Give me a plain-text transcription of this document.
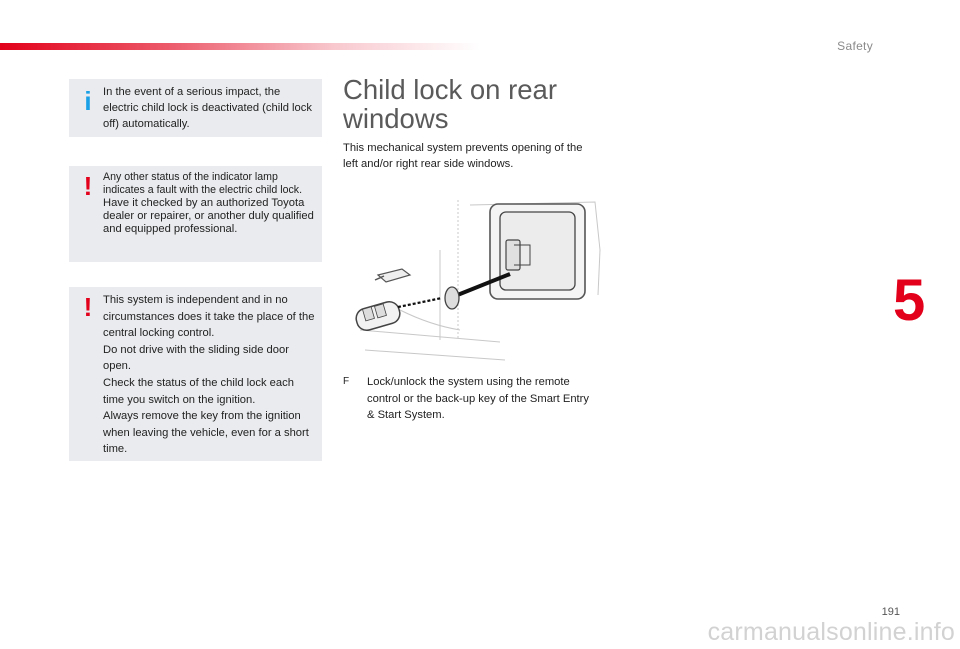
Safety
5
i	In the event of a serious impact, the electric child lock is deactivated (child lock off) automatically.

!	Any other status of the indicator lamp indicates a fault with the electric child lock.

Have it checked by an authorized Toyota dealer or repairer, or another duly qualified and equipped professional.

! This system is independent and in no circumstances does it take the place of the central locking control.

Do not drive with the sliding side door open.

Check the status of the child lock each time you switch on the ignition.

Always remove the key from the ignition when leaving the vehicle, even for a short time.

Child lock on rear windows
This mechanical system prevents opening of the left and/or right rear side windows.
F	Lock/unlock the system using the remote control or the back-up key of the Smart Entry & Start System.
191
carmanualsonline.info
